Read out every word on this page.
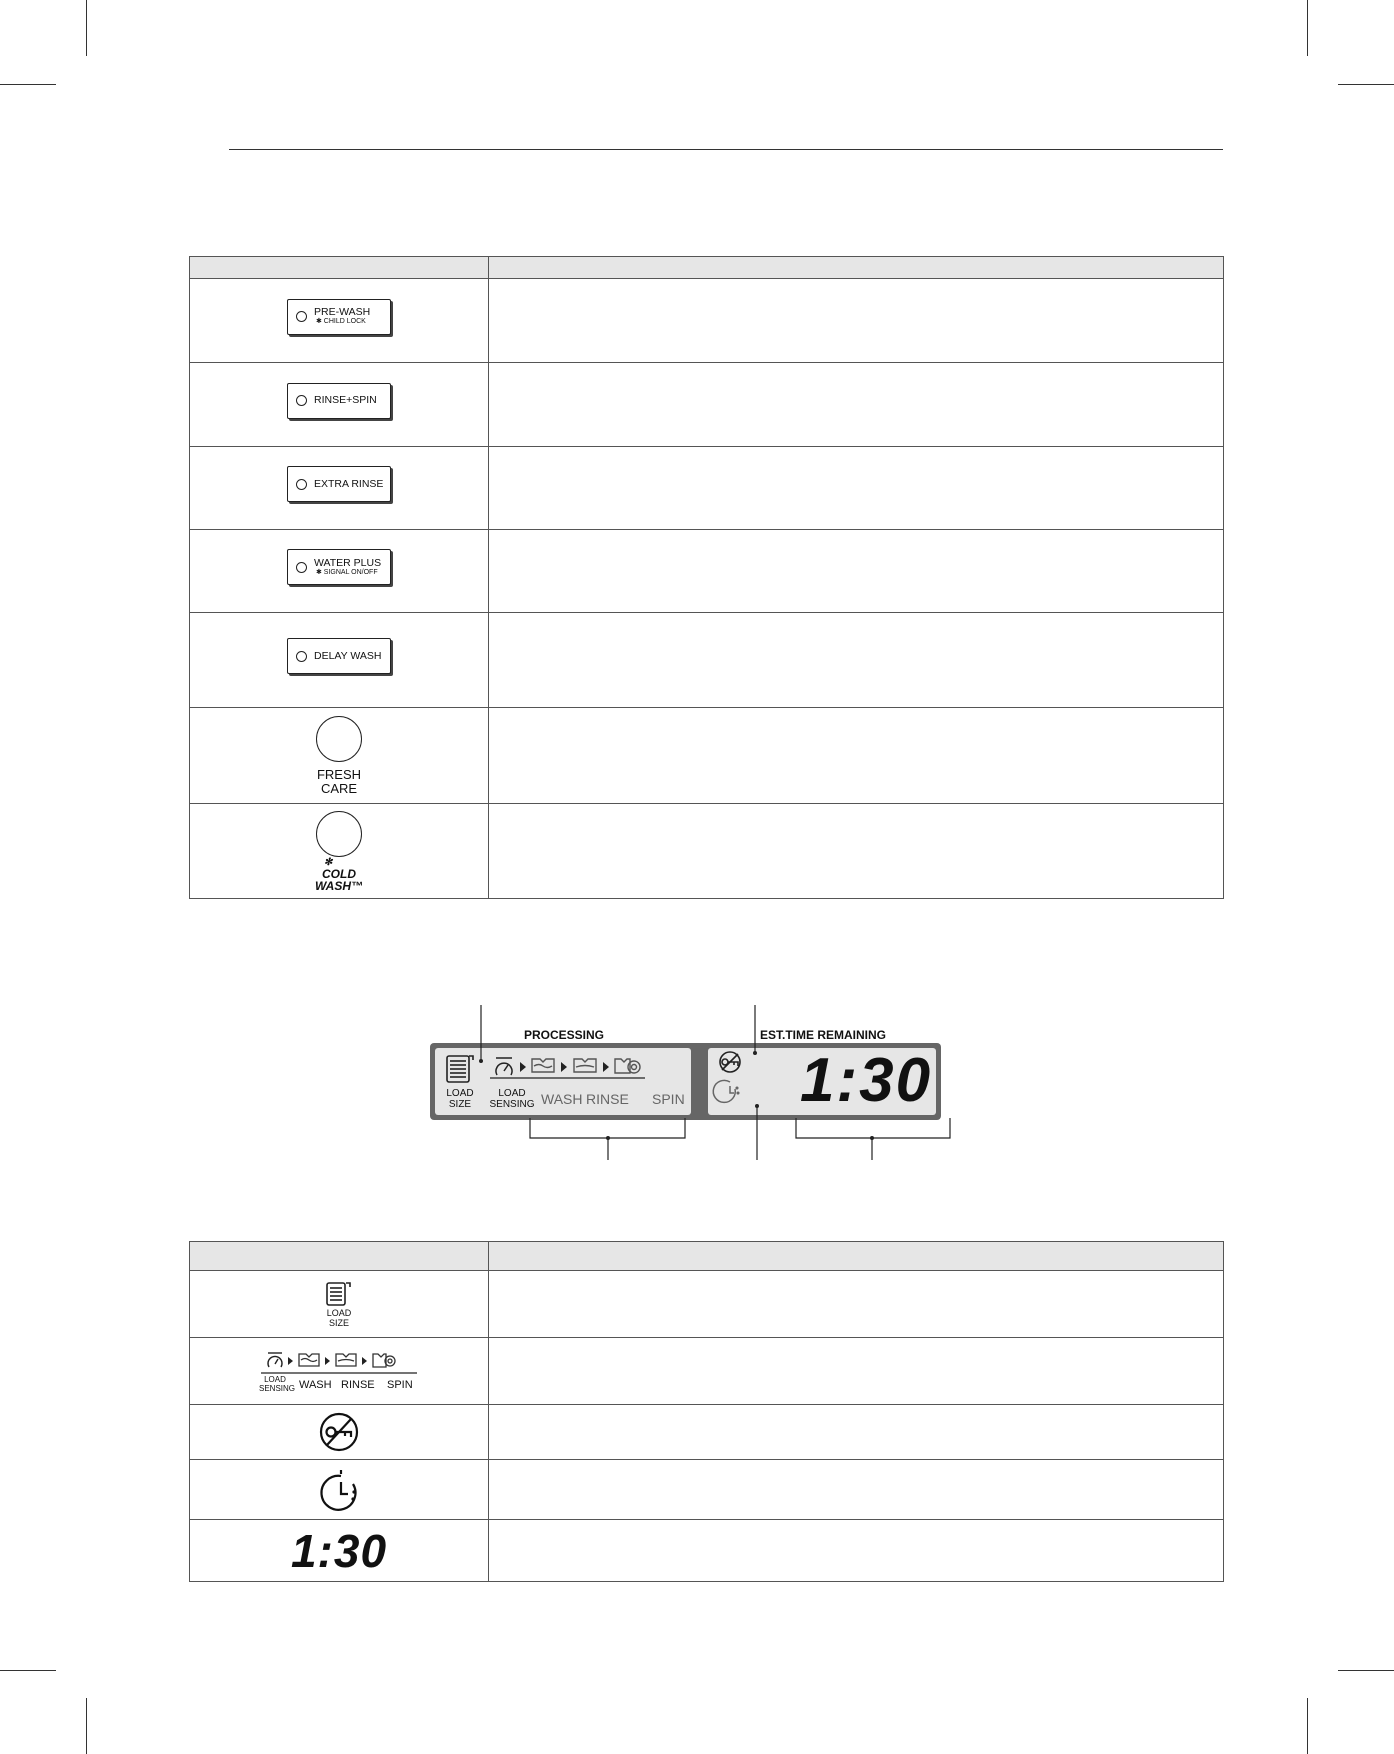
PRE-WASH
✱ CHILD LOCK	

RINSE+SPIN	

EXTRA RINSE	

WATER PLUS
✱ SIGNAL ON/OFF	

DELAY WASH	

FRESH
CARE	

✻
COLD
WASH™	

PROCESSING	EST.TIME REMAINING
LOAD
SIZE
LOAD
SENSING WASH RINSE SPIN 1:30

LOAD
SIZE	

LOAD
SENSING WASH RINSE SPIN	

1:30	
